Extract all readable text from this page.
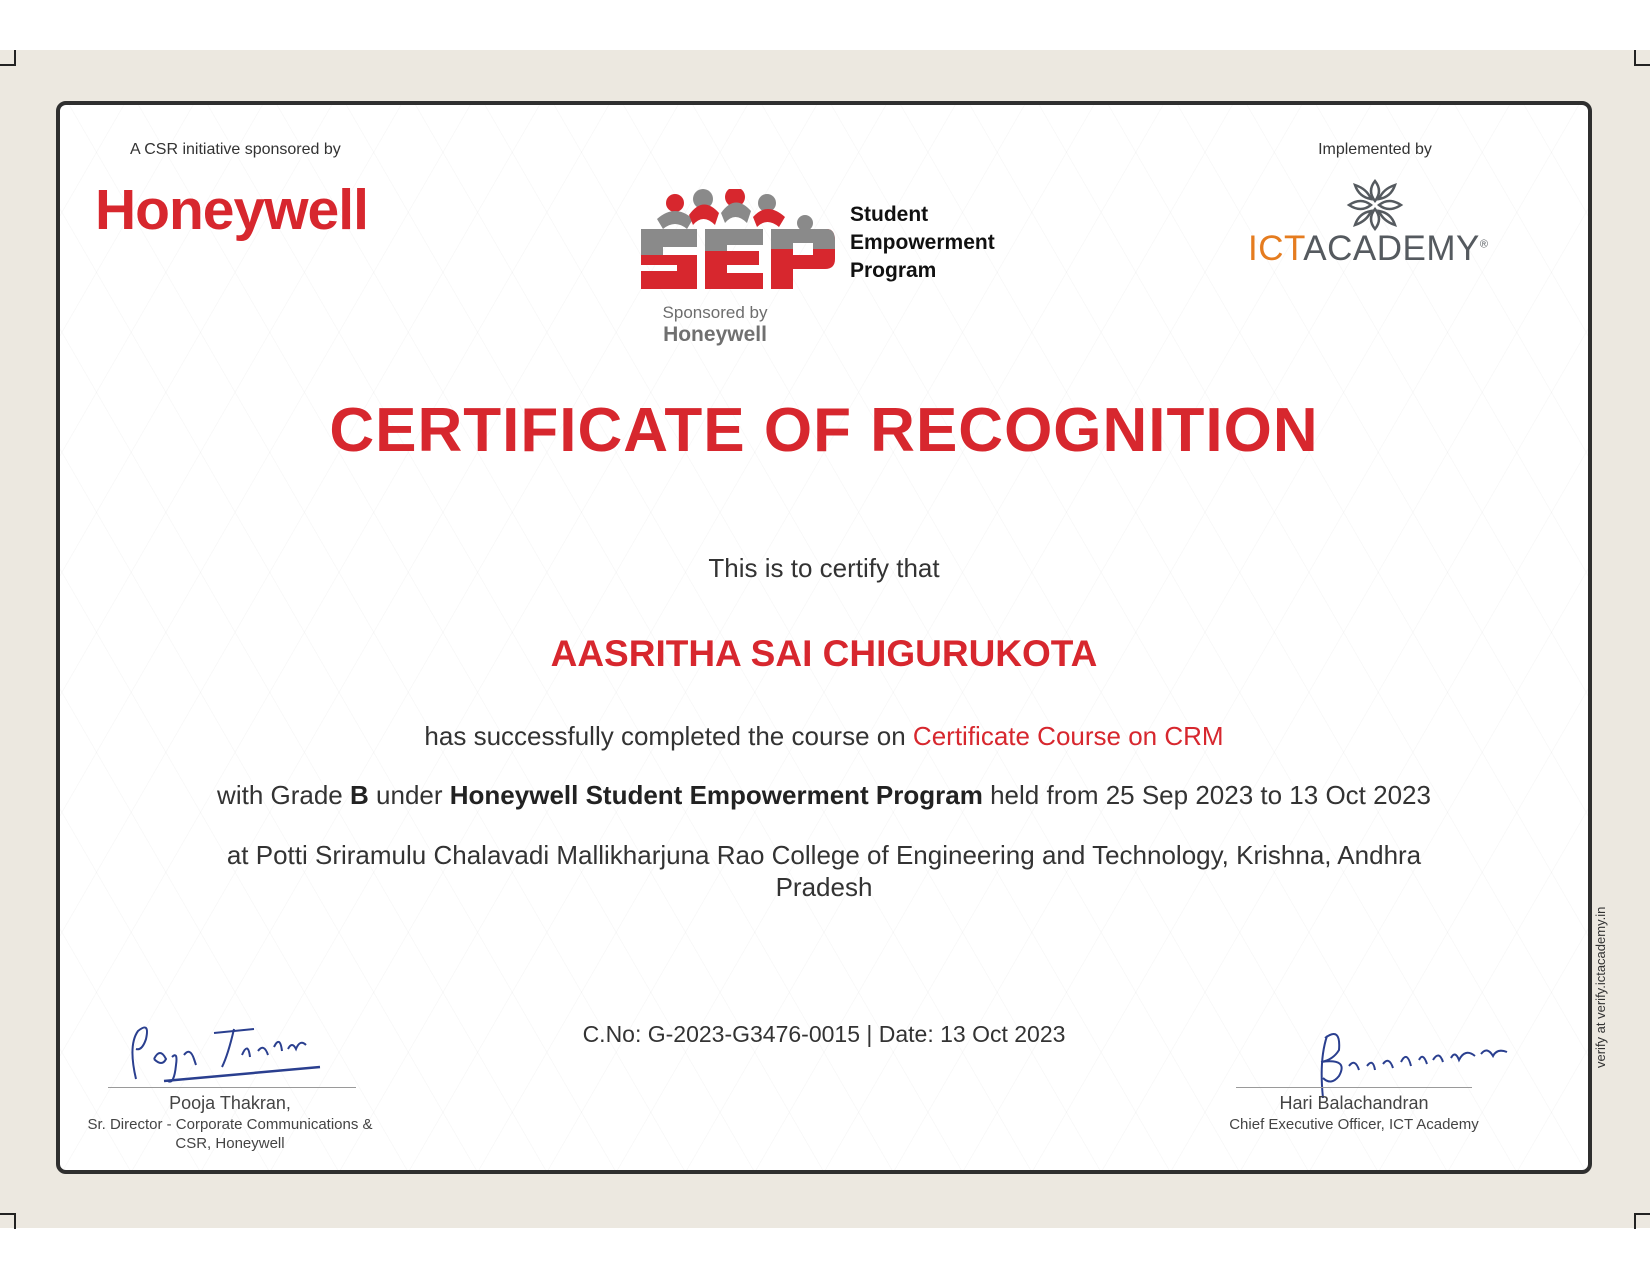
A CSR initiative sponsored by
Honeywell	Student
Empowerment
Program
Sponsored by
Honeywell
Implemented by
ICTACADEMY®
CERTIFICATE OF RECOGNITION
This is to certify that
AASRITHA SAI CHIGURUKOTA
has successfully completed the course on Certificate Course on CRM
with Grade B under Honeywell Student Empowerment Program held from 25 Sep 2023 to 13 Oct 2023
at Potti Sriramulu Chalavadi Mallikharjuna Rao College of Engineering and Technology, Krishna, Andhra
Pradesh
C.No: G-2023-G3476-0015 | Date: 13 Oct 2023
Pooja Thakran,
Sr. Director - Corporate Communications &
CSR, Honeywell
Hari Balachandran
Chief Executive Officer, ICT Academy
verify at verify.ictacademy.in
